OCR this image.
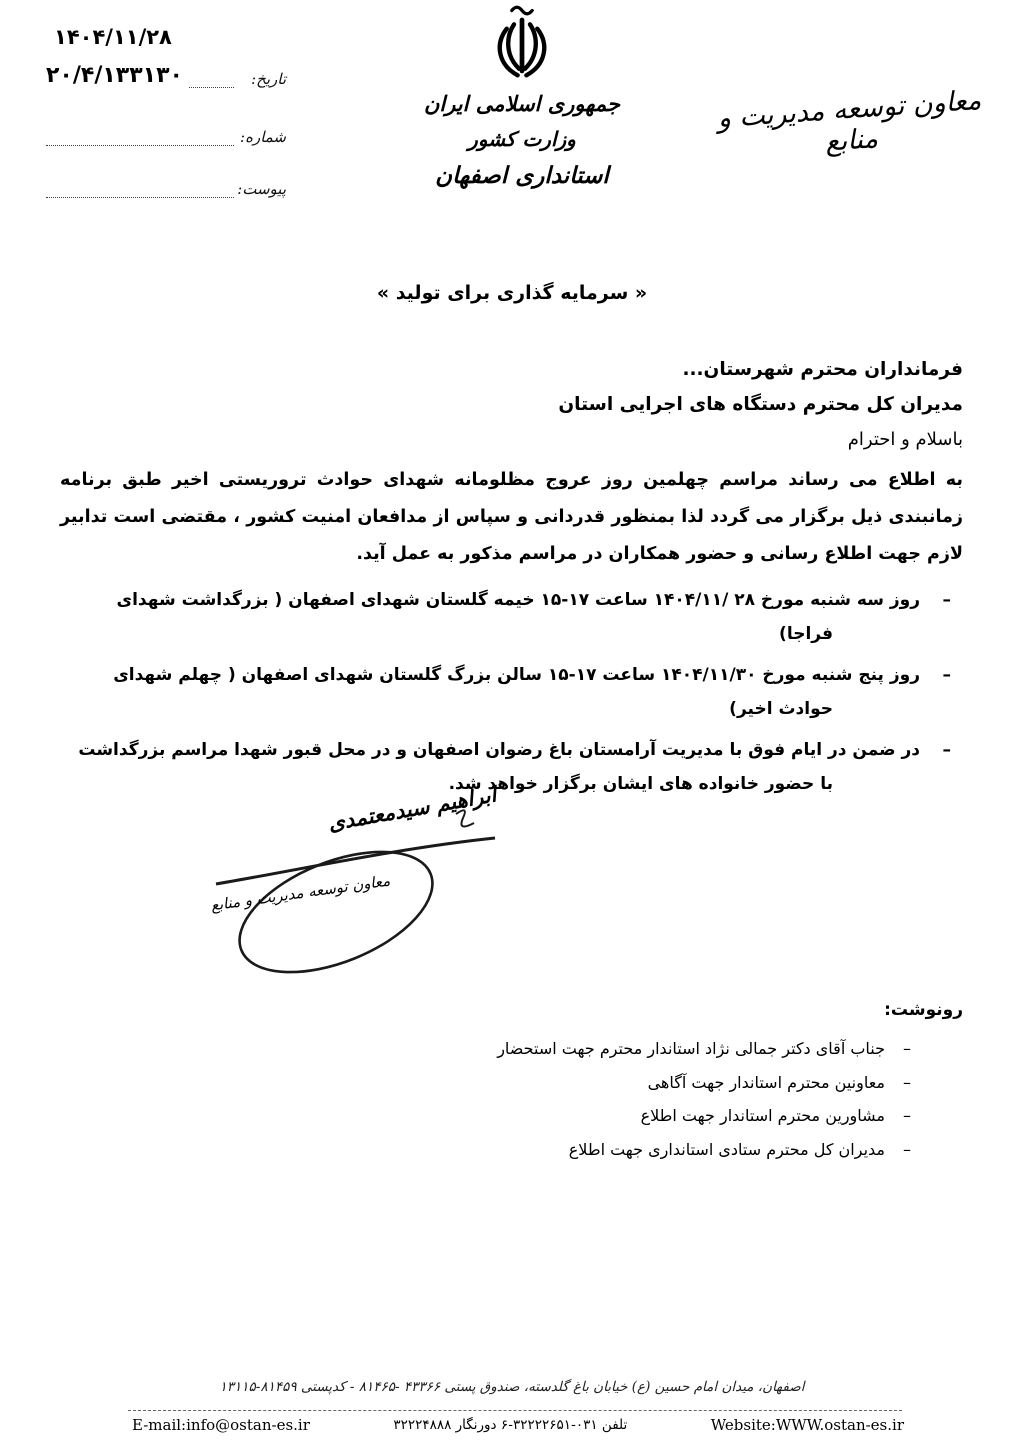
۱۴۰۴/۱۱/۲۸
تاریخ:
۲۰/۴/۱۳۳۱۳۰
شماره:
پیوست:
جمهوری اسلامی ایران
وزارت کشور
استانداری اصفهان
معاون توسعه مدیریت و منابع
« سرمایه گذاری برای تولید »
فرمانداران محترم شهرستان...
مدیران کل محترم دستگاه های اجرایی استان
باسلام و احترام

به اطلاع می رساند مراسم چهلمین روز عروج مظلومانه شهدای حوادث تروریستی اخیر طبق برنامه زمانبندی ذیل برگزار می گردد لذا بمنظور قدردانی و سپاس از مدافعان امنیت کشور ، مقتضی است تدابیر لازم جهت اطلاع رسانی و حضور همکاران در مراسم مذکور به عمل آید.

–
روز سه شنبه مورخ ۲۸ /۱۴۰۴/۱۱ ساعت ۱۷-۱۵ خیمه گلستان شهدای اصفهان ( بزرگداشت شهدای فراجا)
–
روز پنج شنبه مورخ ۱۴۰۴/۱۱/۳۰ ساعت ۱۷-۱۵ سالن بزرگ گلستان شهدای اصفهان ( چهلم شهدای حوادث اخیر)
–
در ضمن در ایام فوق با مدیریت آرامستان باغ رضوان اصفهان و در محل قبور شهدا مراسم بزرگداشت با حضور خانواده های ایشان برگزار خواهد شد.
ابراهیم سیدمعتمدی
معاون توسعه مدیریت و منابع
رونوشت:
–
جناب آقای دکتر جمالی نژاد استاندار محترم جهت استحضار
–
معاونین محترم استاندار جهت آگاهی
–
مشاورین محترم استاندار جهت اطلاع
–
مدیران کل محترم ستادی استانداری جهت اطلاع
اصفهان، میدان امام حسین (ع) خیابان باغ گلدسته، صندوق پستی ۴۳۳۶۶ -۸۱۴۶۵ - کدپستی ۸۱۴۵۹-۱۳۱۱۵
E-mail:info@ostan-es.ir	تلفن ۰۳۱-۳۲۲۲۲۶۵۱-۶ دورنگار ۳۲۲۲۴۸۸۸	Website:WWW.ostan-es.ir
